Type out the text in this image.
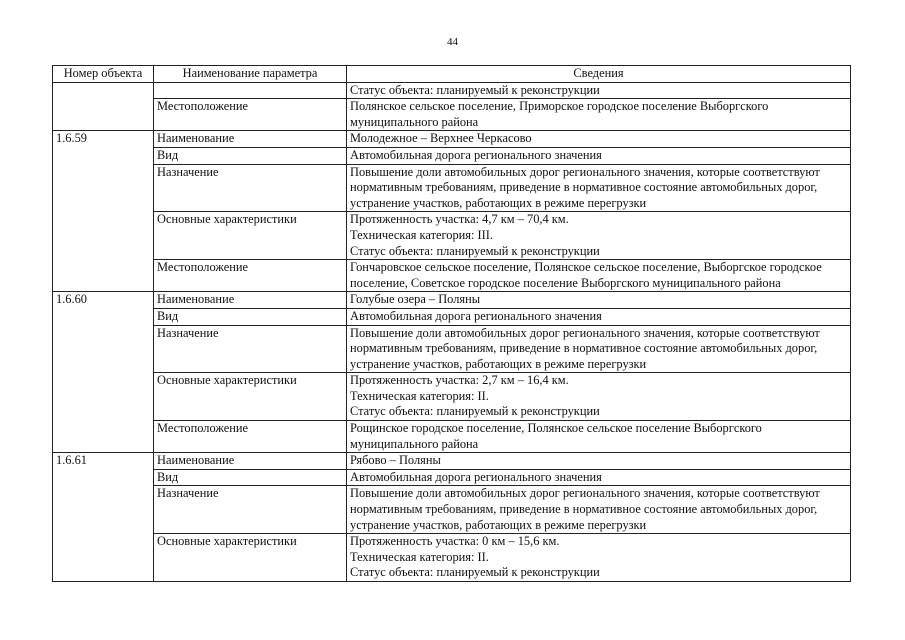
44
Номер объекта	Наименование параметра	Сведения
		Статус объекта: планируемый к реконструкции
	Местоположение	Полянское сельское поселение, Приморское городское поселение Выборгского муниципального района
1.6.59	Наименование	Молодежное – Верхнее Черкасово
	Вид	Автомобильная дорога регионального значения
	Назначение	Повышение доли автомобильных дорог регионального значения, которые соответствуют нормативным требованиям, приведение в нормативное состояние автомобильных дорог, устранение участков, работающих в режиме перегрузки
	Основные характеристики	Протяженность участка: 4,7 км – 70,4 км.
Техническая категория: III.
Статус объекта: планируемый к реконструкции

	Местоположение	Гончаровское сельское поселение, Полянское сельское поселение, Выборгское городское поселение, Советское городское поселение Выборгского муниципального района
1.6.60	Наименование	Голубые озера – Поляны
	Вид	Автомобильная дорога регионального значения
	Назначение	Повышение доли автомобильных дорог регионального значения, которые соответствуют нормативным требованиям, приведение в нормативное состояние автомобильных дорог, устранение участков, работающих в режиме перегрузки
	Основные характеристики	Протяженность участка: 2,7 км – 16,4 км.
Техническая категория: II.
Статус объекта: планируемый к реконструкции

	Местоположение	Рощинское городское поселение, Полянское сельское поселение Выборгского муниципального района
1.6.61	Наименование	Рябово – Поляны
	Вид	Автомобильная дорога регионального значения
	Назначение	Повышение доли автомобильных дорог регионального значения, которые соответствуют нормативным требованиям, приведение в нормативное состояние автомобильных дорог, устранение участков, работающих в режиме перегрузки
	Основные характеристики	Протяженность участка: 0 км – 15,6 км.
Техническая категория: II.
Статус объекта: планируемый к реконструкции
